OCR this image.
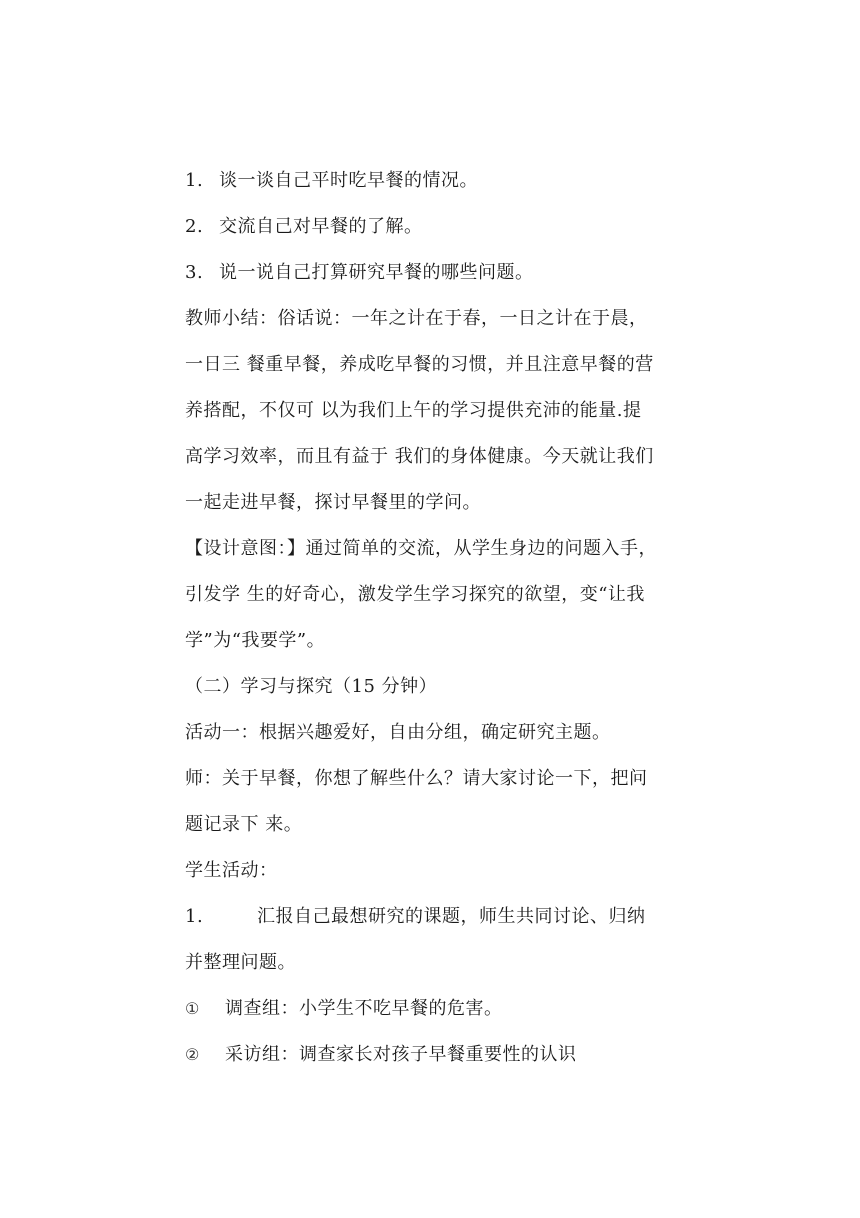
1. 谈一谈自己平时吃早餐的情况。
2. 交流自己对早餐的了解。
3. 说一说自己打算研究早餐的哪些问题。
教师小结：俗话说：一年之计在于春，一日之计在于晨，
一日三 餐重早餐，养成吃早餐的习惯，并且注意早餐的营
养搭配，不仅可 以为我们上午的学习提供充沛的能量.提
高学习效率，而且有益于 我们的身体健康。今天就让我们
一起走进早餐，探讨早餐里的学问。
【设计意图：】通过简单的交流，从学生身边的问题入手，
引发学 生的好奇心，激发学生学习探究的欲望，变“让我
学”为“我要学”。
（二）学习与探究（15 分钟）
活动一：根据兴趣爱好，自由分组，确定研究主题。
师：关于早餐，你想了解些什么？请大家讨论一下，把问
题记录下 来。
学生活动：
1.	汇报自己最想研究的课题，师生共同讨论、归纳
并整理问题。
① 调查组：小学生不吃早餐的危害。
② 采访组：调查家长对孩子早餐重要性的认识
